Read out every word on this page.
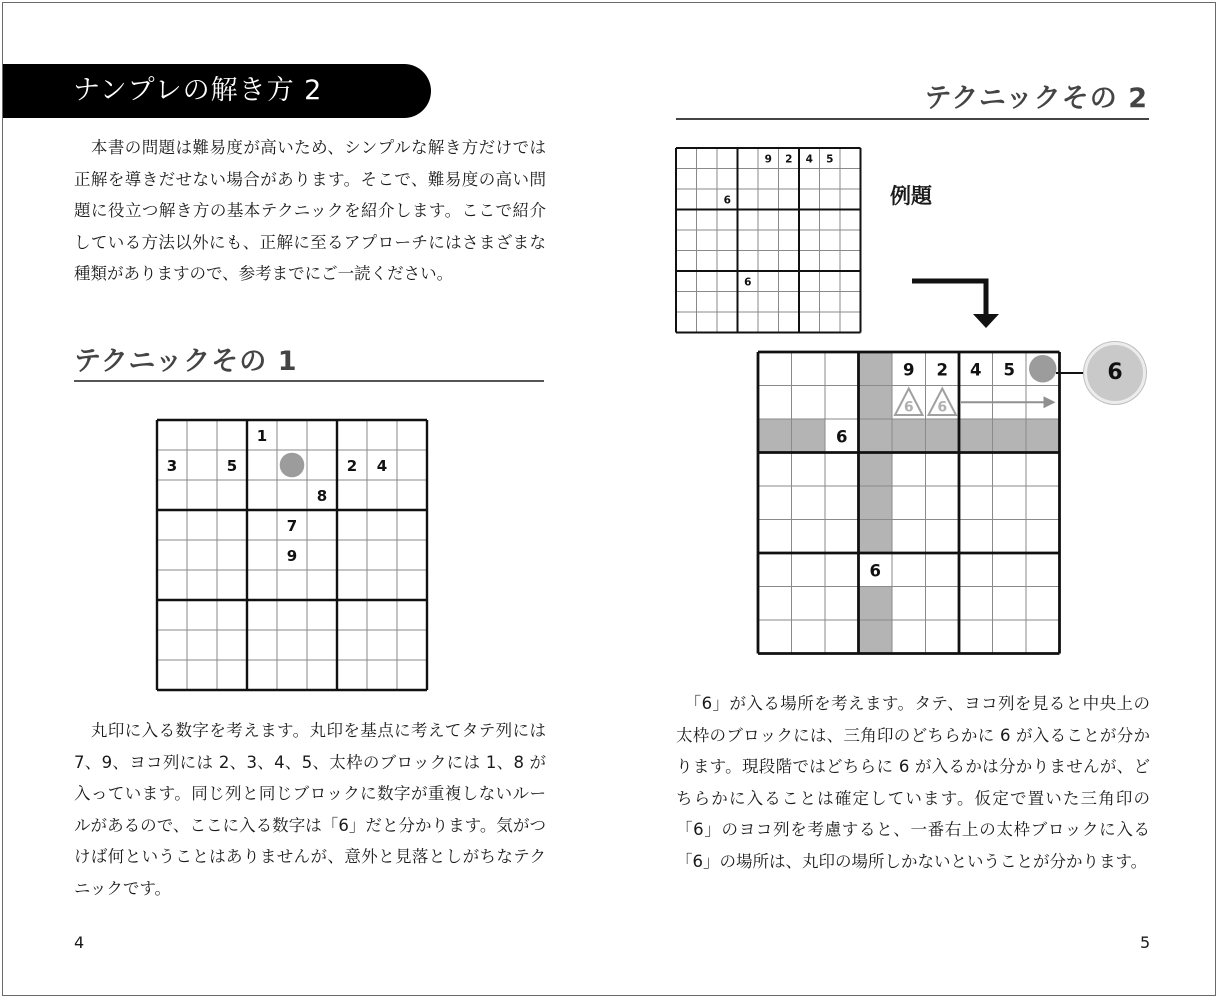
ナンプレの解き方 2

　本書の問題は難易度が高いため、シンプルな解き方だけでは正解を導きだせない場合があります。そこで、難易度の高い問題に役立つ解き方の基本テクニックを紹介します。ここで紹介している方法以外にも、正解に至るアプローチにはさまざまな種類がありますので、参考までにご一読ください。

テクニックその 1
1
3	5	2 4
8
7
9

　丸印に入る数字を考えます。丸印を基点に考えてタテ列には 7、9、ヨコ列には 2、3、4、5、太枠のブロックには 1、8 が入っています。同じ列と同じブロックに数字が重複しないルールがあるので、ここに入る数字は「6」だと分かります。気がつけば何ということはありませんが、意外と見落としがちなテクニックです。

4
テクニックその 2
9 2 4 5
6
6
例題
6 6
9 2 4 5
6
6
6

　「6」が入る場所を考えます。タテ、ヨコ列を見ると中央上の太枠のブロックには、三角印のどちらかに 6 が入ることが分かります。現段階ではどちらに 6 が入るかは分かりませんが、どちらかに入ることは確定しています。仮定で置いた三角印の「6」のヨコ列を考慮すると、一番右上の太枠ブロックに入る「6」の場所は、丸印の場所しかないということが分かります。

5
